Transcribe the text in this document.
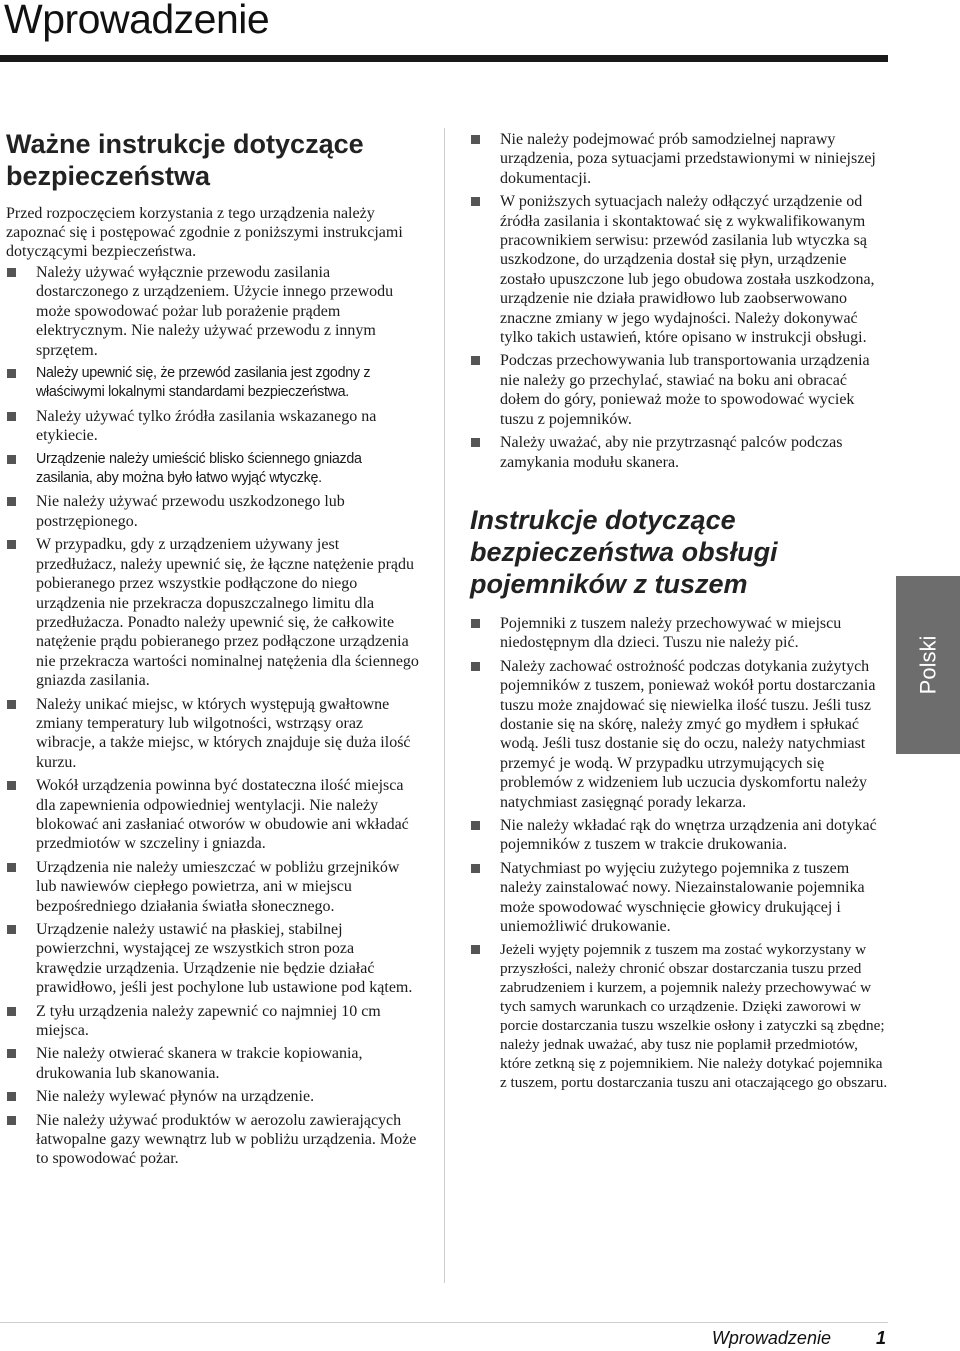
Wprowadzenie
Ważne instrukcje dotyczące bezpieczeństwa

Przed rozpoczęciem korzystania z tego urządzenia należy zapoznać się i postępować zgodnie z poniższymi instrukcjami dotyczącymi bezpieczeństwa.

Należy używać wyłącznie przewodu zasilania dostarczonego z urządzeniem. Użycie innego przewodu może spowodować pożar lub porażenie prądem elektrycznym. Nie należy używać przewodu z innym sprzętem.
Należy upewnić się, że przewód zasilania jest zgodny z właściwymi lokalnymi standardami bezpieczeństwa.
Należy używać tylko źródła zasilania wskazanego na etykiecie.
Urządzenie należy umieścić blisko ściennego gniazda zasilania, aby można było łatwo wyjąć wtyczkę.
Nie należy używać przewodu uszkodzonego lub postrzępionego.
W przypadku, gdy z urządzeniem używany jest przedłużacz, należy upewnić się, że łączne natężenie prądu pobieranego przez wszystkie podłączone do niego urządzenia nie przekracza dopuszczalnego limitu dla przedłużacza. Ponadto należy upewnić się, że całkowite natężenie prądu pobieranego przez podłączone urządzenia nie przekracza wartości nominalnej natężenia dla ściennego gniazda zasilania.
Należy unikać miejsc, w których występują gwałtowne zmiany temperatury lub wilgotności, wstrząsy oraz wibracje, a także miejsc, w których znajduje się duża ilość kurzu.
Wokół urządzenia powinna być dostateczna ilość miejsca dla zapewnienia odpowiedniej wentylacji. Nie należy blokować ani zasłaniać otworów w obudowie ani wkładać przedmiotów w szczeliny i gniazda.
Urządzenia nie należy umieszczać w pobliżu grzejników lub nawiewów ciepłego powietrza, ani w miejscu bezpośredniego działania światła słonecznego.
Urządzenie należy ustawić na płaskiej, stabilnej powierzchni, wystającej ze wszystkich stron poza krawędzie urządzenia. Urządzenie nie będzie działać prawidłowo, jeśli jest pochylone lub ustawione pod kątem.
Z tyłu urządzenia należy zapewnić co najmniej 10 cm miejsca.
Nie należy otwierać skanera w trakcie kopiowania, drukowania lub skanowania.
Nie należy wylewać płynów na urządzenie.
Nie należy używać produktów w aerozolu zawierających łatwopalne gazy wewnątrz lub w pobliżu urządzenia. Może to spowodować pożar.
Nie należy podejmować prób samodzielnej naprawy urządzenia, poza sytuacjami przedstawionymi w niniejszej dokumentacji.
W poniższych sytuacjach należy odłączyć urządzenie od źródła zasilania i skontaktować się z wykwalifikowanym pracownikiem serwisu: przewód zasilania lub wtyczka są uszkodzone, do urządzenia dostał się płyn, urządzenie zostało upuszczone lub jego obudowa została uszkodzona, urządzenie nie działa prawidłowo lub zaobserwowano znaczne zmiany w jego wydajności. Należy dokonywać tylko takich ustawień, które opisano w instrukcji obsługi.
Podczas przechowywania lub transportowania urządzenia nie należy go przechylać, stawiać na boku ani obracać dołem do góry, ponieważ może to spowodować wyciek tuszu z pojemników.
Należy uważać, aby nie przytrzasnąć palców podczas zamykania modułu skanera.
Instrukcje dotyczące bezpieczeństwa obsługi pojemników z tuszem
Pojemniki z tuszem należy przechowywać w miejscu niedostępnym dla dzieci. Tuszu nie należy pić.
Należy zachować ostrożność podczas dotykania zużytych pojemników z tuszem, ponieważ wokół portu dostarczania tuszu może znajdować się niewielka ilość tuszu. Jeśli tusz dostanie się na skórę, należy zmyć go mydłem i spłukać wodą. Jeśli tusz dostanie się do oczu, należy natychmiast przemyć je wodą. W przypadku utrzymujących się problemów z widzeniem lub uczucia dyskomfortu należy natychmiast zasięgnąć porady lekarza.
Nie należy wkładać rąk do wnętrza urządzenia ani dotykać pojemników z tuszem w trakcie drukowania.
Natychmiast po wyjęciu zużytego pojemnika z tuszem należy zainstalować nowy. Niezainstalowanie pojemnika może spowodować wyschnięcie głowicy drukującej i uniemożliwić drukowanie.
Jeżeli wyjęty pojemnik z tuszem ma zostać wykorzystany w przyszłości, należy chronić obszar dostarczania tuszu przed zabrudzeniem i kurzem, a pojemnik należy przechowywać w tych samych warunkach co urządzenie. Dzięki zaworowi w porcie dostarczania tuszu wszelkie osłony i zatyczki są zbędne; należy jednak uważać, aby tusz nie poplamił przedmiotów, które zetkną się z pojemnikiem. Nie należy dotykać pojemnika z tuszem, portu dostarczania tuszu ani otaczającego go obszaru.
Polski
Wprowadzenie	1
